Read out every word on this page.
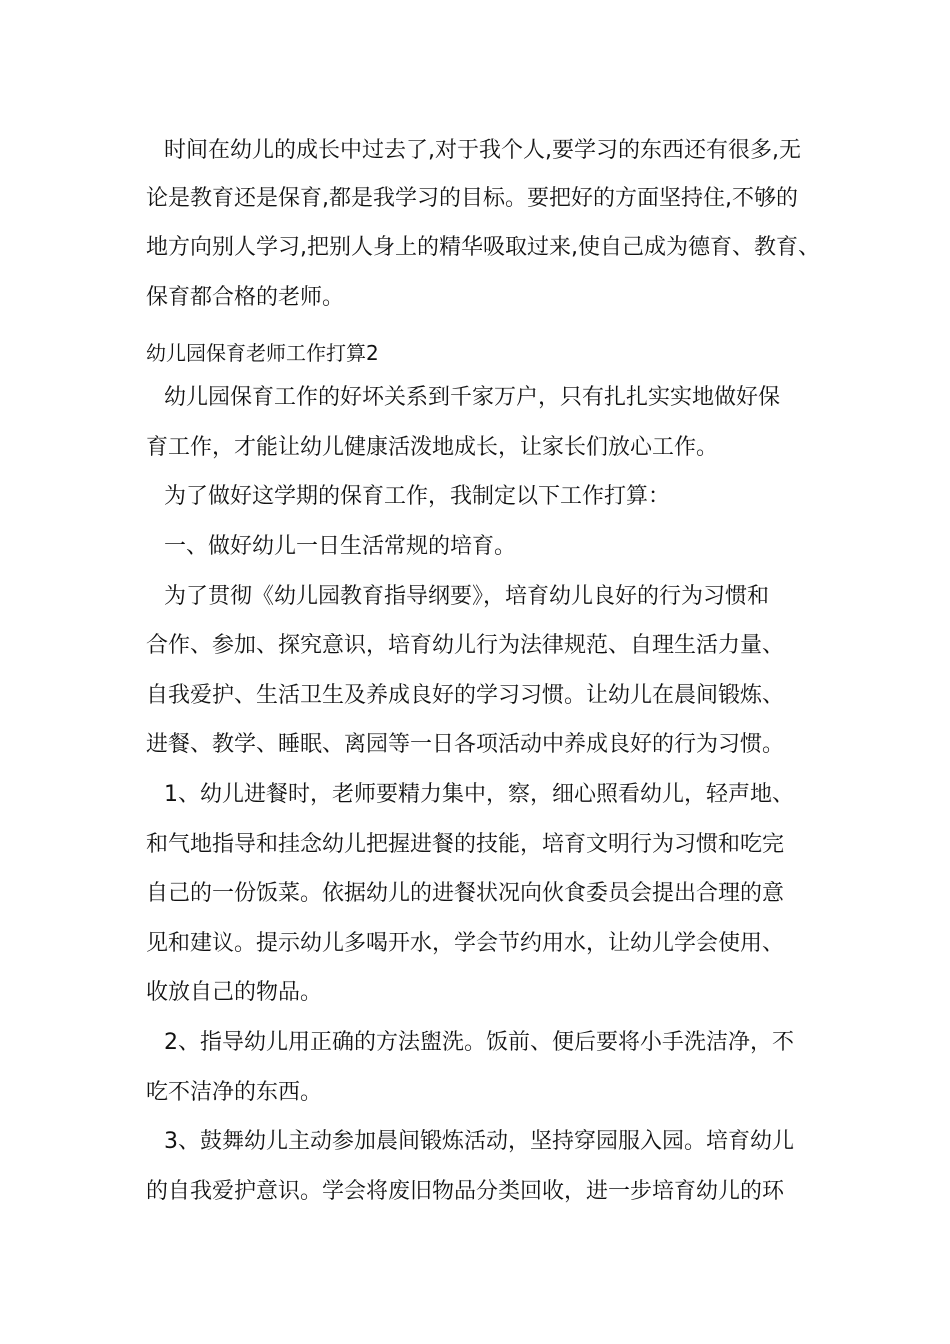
时间在幼儿的成长中过去了,对于我个人,要学习的东西还有很多,无
论是教育还是保育,都是我学习的目标。要把好的方面坚持住,不够的
地方向别人学习,把别人身上的精华吸取过来,使自己成为德育、教育、
保育都合格的老师。
幼儿园保育老师工作打算2
幼儿园保育工作的好坏关系到千家万户，只有扎扎实实地做好保
育工作，才能让幼儿健康活泼地成长，让家长们放心工作。
为了做好这学期的保育工作，我制定以下工作打算：
一、做好幼儿一日生活常规的培育。
为了贯彻《幼儿园教育指导纲要》，培育幼儿良好的行为习惯和
合作、参加、探究意识，培育幼儿行为法律规范、自理生活力量、
自我爱护、生活卫生及养成良好的学习习惯。让幼儿在晨间锻炼、
进餐、教学、睡眠、离园等一日各项活动中养成良好的行为习惯。
1、幼儿进餐时，老师要精力集中，察，细心照看幼儿，轻声地、
和气地指导和挂念幼儿把握进餐的技能，培育文明行为习惯和吃完
自己的一份饭菜。依据幼儿的进餐状况向伙食委员会提出合理的意
见和建议。提示幼儿多喝开水，学会节约用水，让幼儿学会使用、
收放自己的物品。
2、指导幼儿用正确的方法盥洗。饭前、便后要将小手洗洁净，不
吃不洁净的东西。
3、鼓舞幼儿主动参加晨间锻炼活动，坚持穿园服入园。培育幼儿
的自我爱护意识。学会将废旧物品分类回收，进一步培育幼儿的环
